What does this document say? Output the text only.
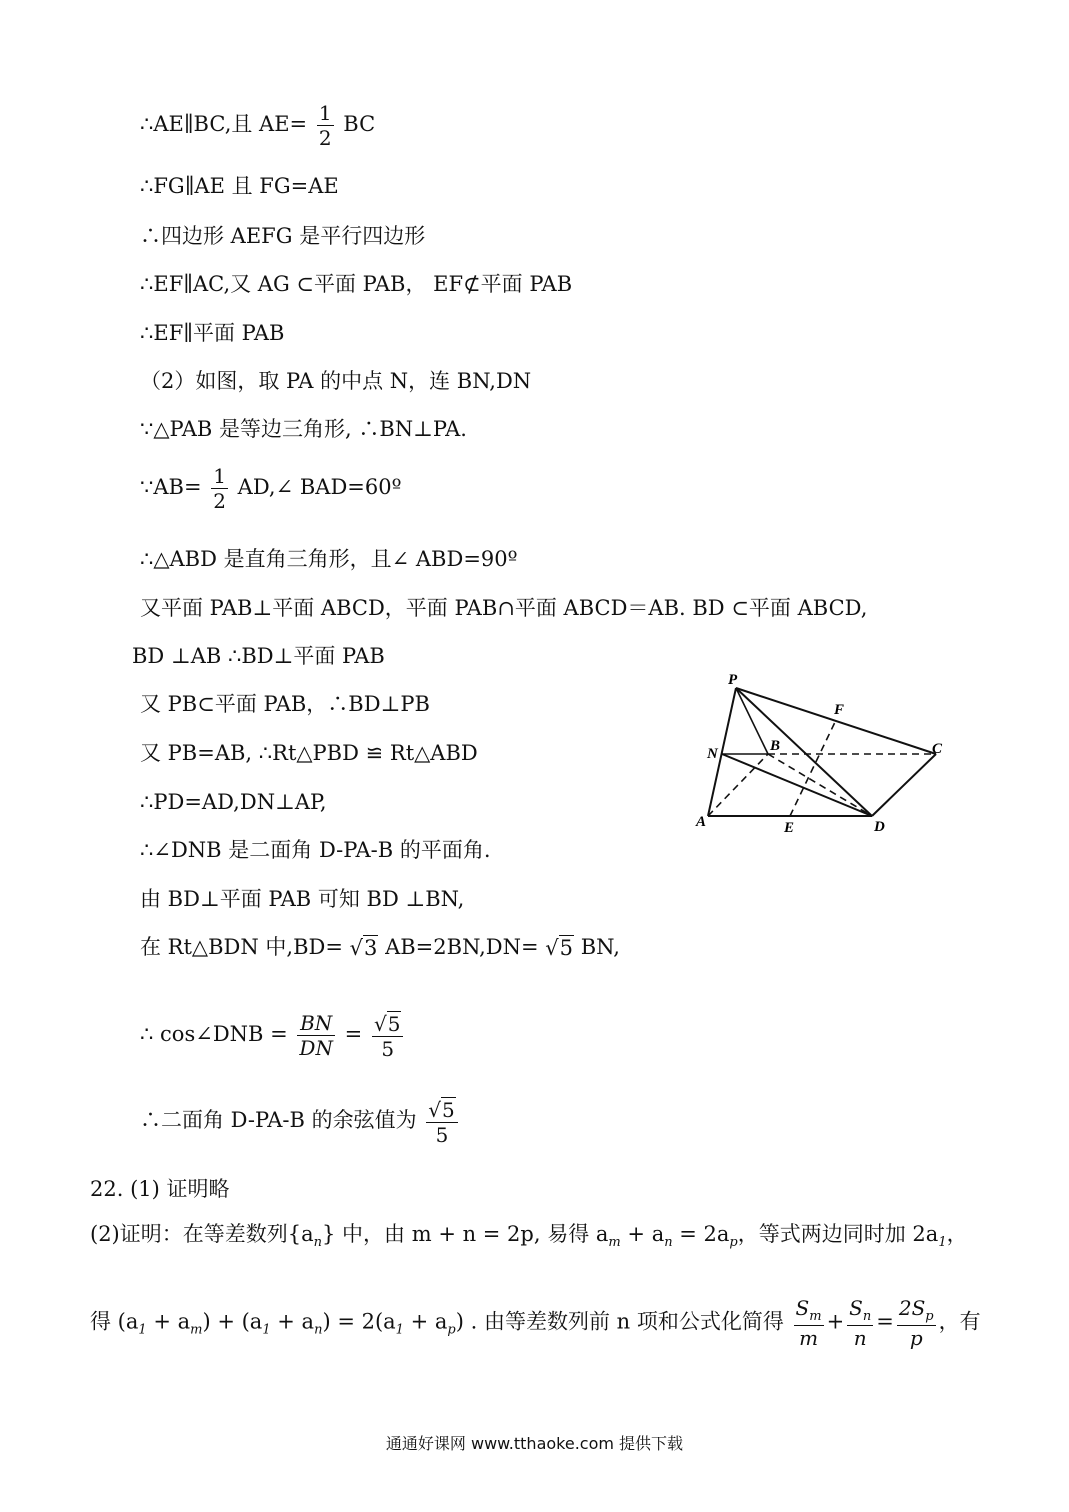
∴AE∥BC,且 $AE= \frac{1}{2}$ BC
∴FG∥AE 且 FG=AE
∴四边形 AEFG 是平行四边形
∴EF∥AC,又 AG ⊂平面 PAB， EF⊄平面 PAB
∴EF∥平面 PAB
（2）如图，取 PA 的中点 N，连 BN,DN
∵△PAB 是等边三角形, ∴BN⊥PA.
∵AB= $\frac{1}{2}$ AD,∠ BAD=60º
∴△ABD 是直角三角形，且∠ ABD=90º
又平面 PAB⊥平面 ABCD，平面 PAB∩平面 ABCD＝AB. BD ⊂平面 ABCD,
BD ⊥AB ∴BD⊥平面 PAB
又 PB⊂平面 PAB，∴BD⊥PB
又 PB=AB, ∴Rt△PBD ≌ Rt△ABD
∴PD=AD,DN⊥AP,
∴∠DNB 是二面角 D-PA-B 的平面角.
由 BD⊥平面 PAB 可知 BD ⊥BN,
在 Rt△BDN 中,BD= √3 AB=2BN,DN= √5 BN,
∴ cos∠DNB = $\frac{BN}{DN} = \frac{√5}{5}$
∴二面角 D-PA-B 的余弦值为 $\frac{√5}{5}$
22. (1) 证明略
(2)证明：在等差数列$\{a_n\}$ 中，由 m + n = 2p, 易得 $a_m + a_n = 2a_p$，等式两边同时加 $2a_1$，
得 $(a_1 + a_m) + (a_1 + a_n) = 2(a_1 + a_p)$ . 由等差数列前 n 项和公式化简得 $\frac{S_m}{m} + \frac{S_n}{n} = \frac{2S_p}{p}$ ，有
P
F
N	B	C
A	E	D
通通好课网 www.tthaoke.com 提供下载
